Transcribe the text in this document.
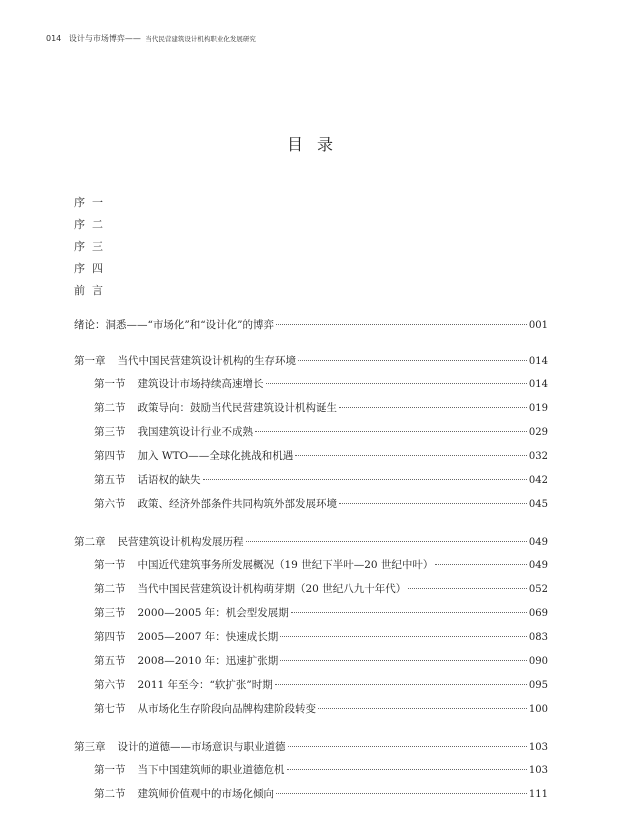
014 设计与市场博弈—— 当代民营建筑设计机构职业化发展研究
目录
序一
序二
序三
序四
前言
绪论：洞悉——“市场化”和“设计化”的博弈	001
第一章 当代中国民营建筑设计机构的生存环境	014
第一节 建筑设计市场持续高速增长	014
第二节 政策导向：鼓励当代民营建筑设计机构诞生	019
第三节 我国建筑设计行业不成熟	029
第四节 加入 WTO——全球化挑战和机遇	032
第五节 话语权的缺失	042
第六节 政策、经济外部条件共同构筑外部发展环境	045
第二章 民营建筑设计机构发展历程	049
第一节 中国近代建筑事务所发展概况（19 世纪下半叶—20 世纪中叶）	049
第二节 当代中国民营建筑设计机构萌芽期（20 世纪八九十年代）	052
第三节 2000—2005 年：机会型发展期	069
第四节 2005—2007 年：快速成长期	083
第五节 2008—2010 年：迅速扩张期	090
第六节 2011 年至今：“软扩张”时期	095
第七节 从市场化生存阶段向品牌构建阶段转变	100
第三章 设计的道德——市场意识与职业道德	103
第一节 当下中国建筑师的职业道德危机	103
第二节 建筑师价值观中的市场化倾向	111
